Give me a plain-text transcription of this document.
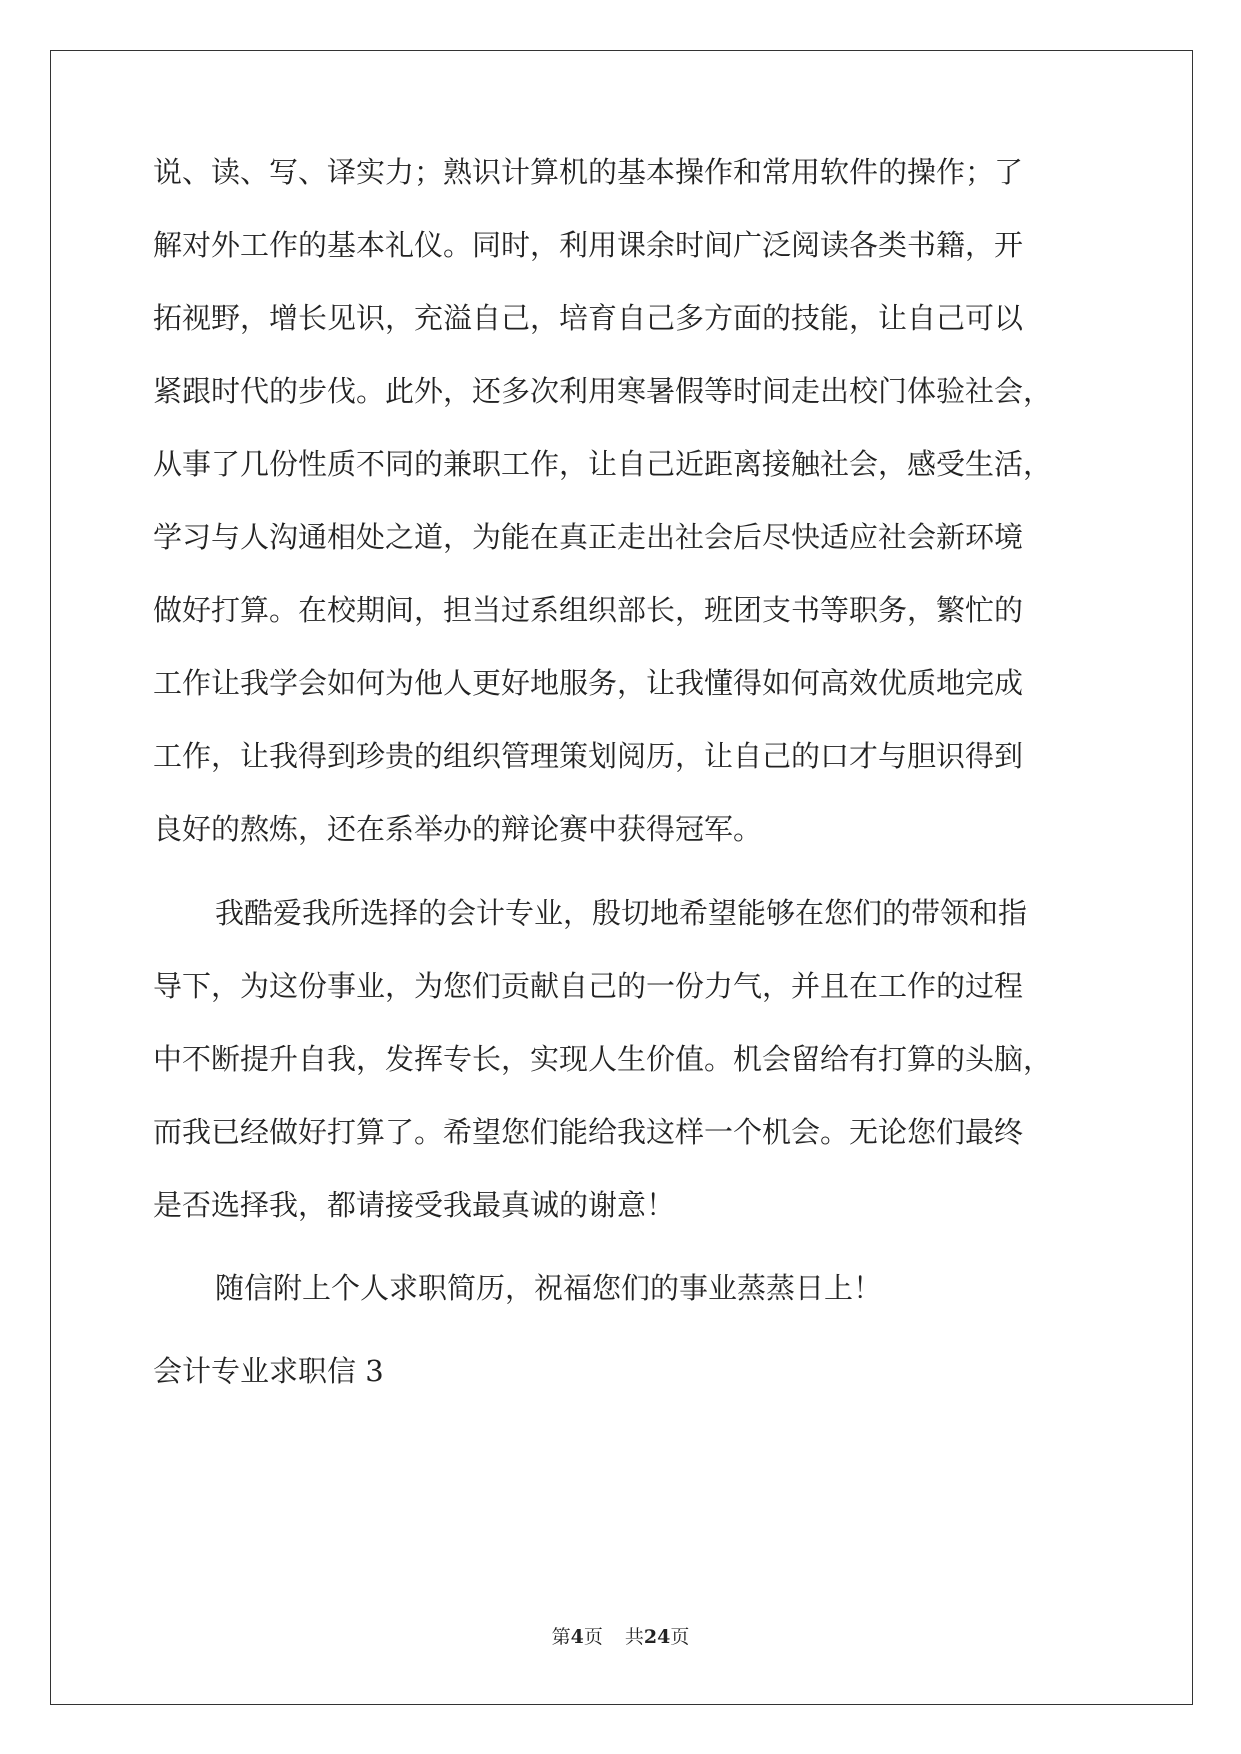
说、读、写、译实力；熟识计算机的基本操作和常用软件的操作；了
解对外工作的基本礼仪。同时，利用课余时间广泛阅读各类书籍，开
拓视野，增长见识，充溢自己，培育自己多方面的技能，让自己可以
紧跟时代的步伐。此外，还多次利用寒暑假等时间走出校门体验社会，
从事了几份性质不同的兼职工作，让自己近距离接触社会，感受生活，
学习与人沟通相处之道，为能在真正走出社会后尽快适应社会新环境
做好打算。在校期间，担当过系组织部长，班团支书等职务，繁忙的
工作让我学会如何为他人更好地服务，让我懂得如何高效优质地完成
工作，让我得到珍贵的组织管理策划阅历，让自己的口才与胆识得到
良好的熬炼，还在系举办的辩论赛中获得冠军。
我酷爱我所选择的会计专业，殷切地希望能够在您们的带领和指
导下，为这份事业，为您们贡献自己的一份力气，并且在工作的过程
中不断提升自我，发挥专长，实现人生价值。机会留给有打算的头脑，
而我已经做好打算了。希望您们能给我这样一个机会。无论您们最终
是否选择我，都请接受我最真诚的谢意！
随信附上个人求职简历，祝福您们的事业蒸蒸日上！
会计专业求职信 3
第4页 共24页
